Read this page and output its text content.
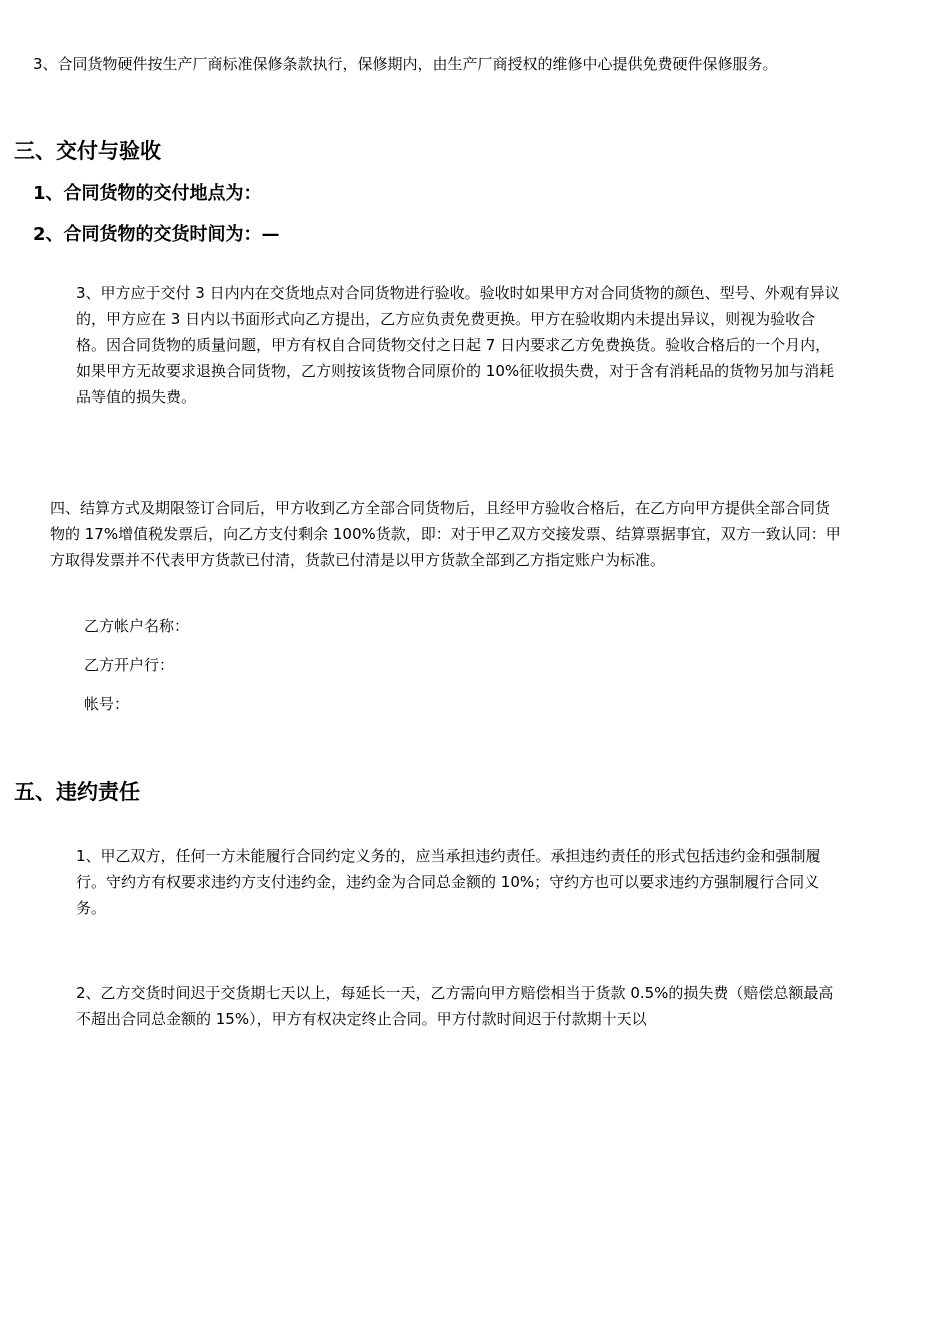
3、合同货物硬件按生产厂商标准保修条款执行，保修期内，由生产厂商授权的维修中心提供免费硬件保修服务。
三、交付与验收
1、合同货物的交付地点为：
2、合同货物的交货时间为：—
3、甲方应于交付 3 日内内在交货地点对合同货物进行验收。验收时如果甲方对合同货物的颜色、型号、外观有异议
的，甲方应在 3 日内以书面形式向乙方提出，乙方应负责免费更换。甲方在验收期内未提出异议，则视为验收合
格。因合同货物的质量问题，甲方有权自合同货物交付之日起 7 日内要求乙方免费换货。验收合格后的一个月内，
如果甲方无故要求退换合同货物，乙方则按该货物合同原价的 10%征收损失费，对于含有消耗品的货物另加与消耗
品等值的损失费。
四、结算方式及期限签订合同后，甲方收到乙方全部合同货物后，且经甲方验收合格后，在乙方向甲方提供全部合同货
物的 17%增值税发票后，向乙方支付剩余 100%货款，即：对于甲乙双方交接发票、结算票据事宜，双方一致认同：甲
方取得发票并不代表甲方货款已付清，货款已付清是以甲方货款全部到乙方指定账户为标准。
乙方帐户名称：
乙方开户行：
帐号：
五、违约责任
1、甲乙双方，任何一方未能履行合同约定义务的，应当承担违约责任。承担违约责任的形式包括违约金和强制履
行。守约方有权要求违约方支付违约金，违约金为合同总金额的 10%；守约方也可以要求违约方强制履行合同义
务。
2、乙方交货时间迟于交货期七天以上，每延长一天，乙方需向甲方赔偿相当于货款 0.5%的损失费（赔偿总额最高
不超出合同总金额的 15%），甲方有权决定终止合同。甲方付款时间迟于付款期十天以
